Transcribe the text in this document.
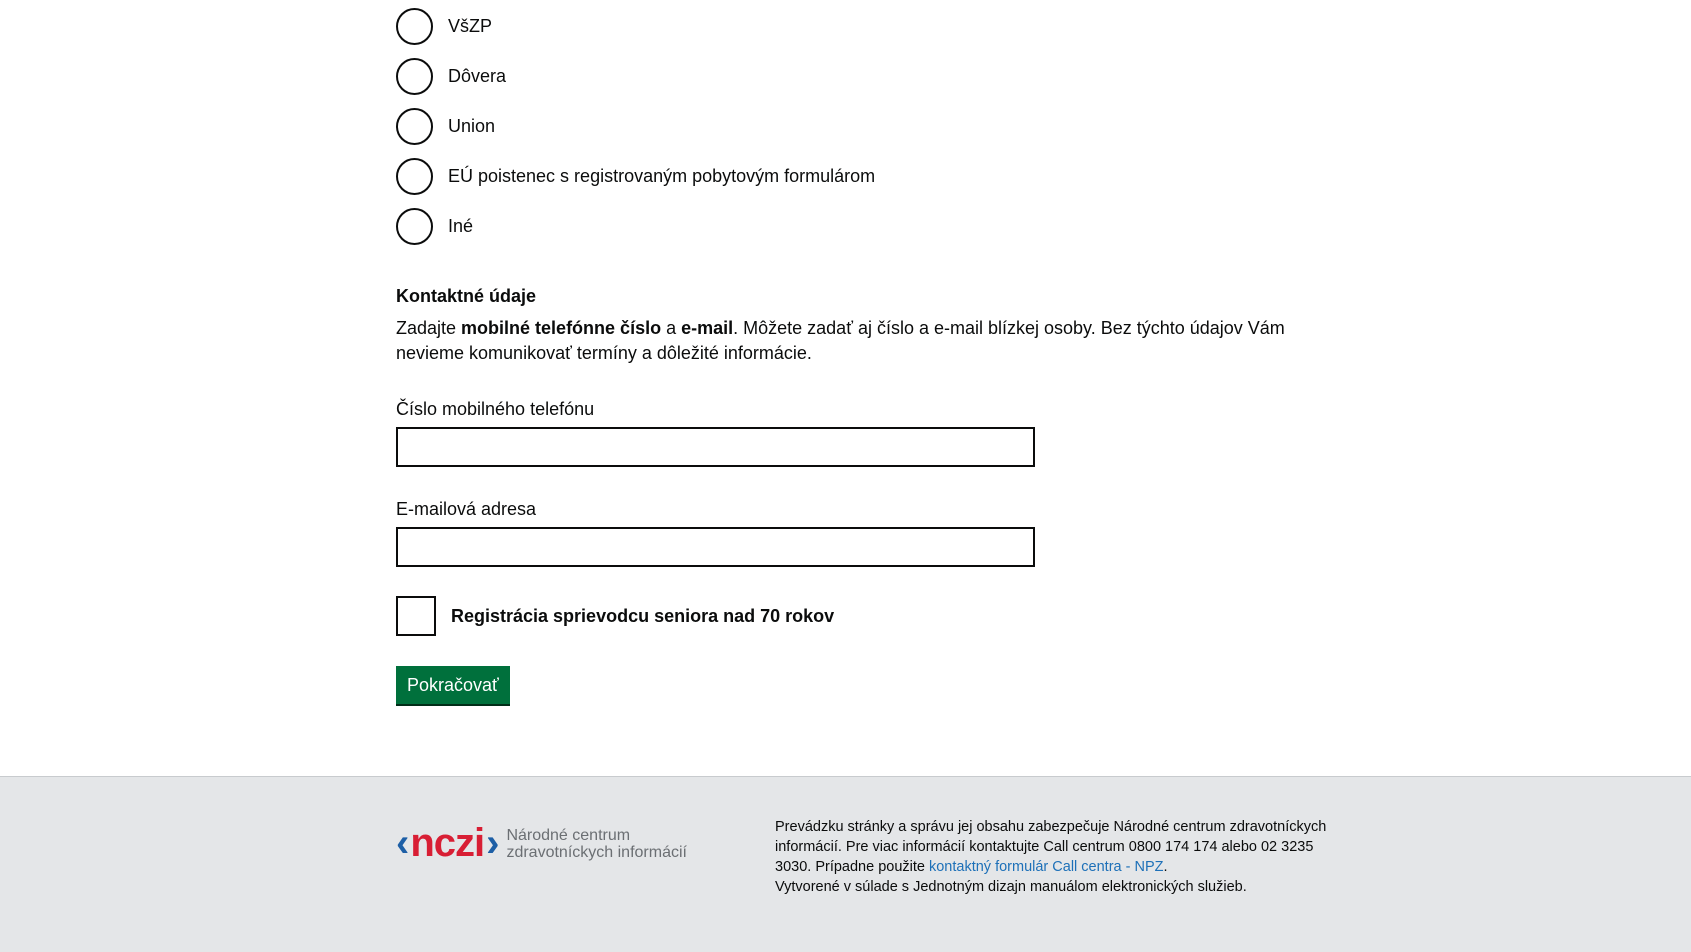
VšZP
Dôvera
Union
EÚ poistenec s registrovaným pobytovým formulárom
Iné
Kontaktné údaje
Zadajte mobilné telefónne číslo a e-mail. Môžete zadať aj číslo a e-mail blízkej osoby. Bez týchto údajov Vám nevieme komunikovať termíny a dôležité informácie.
Číslo mobilného telefónu
E-mailová adresa
Registrácia sprievodcu seniora nad 70 rokov
Pokračovať
‹ nczi › Národné centrum
zdravotníckych informácií
Prevádzku stránky a správu jej obsahu zabezpečuje Národné centrum zdravotníckych informácií. Pre viac informácií kontaktujte Call centrum 0800 174 174 alebo 02 3235 3030. Prípadne použite kontaktný formulár Call centra - NPZ.
Vytvorené v súlade s Jednotným dizajn manuálom elektronických služieb.
